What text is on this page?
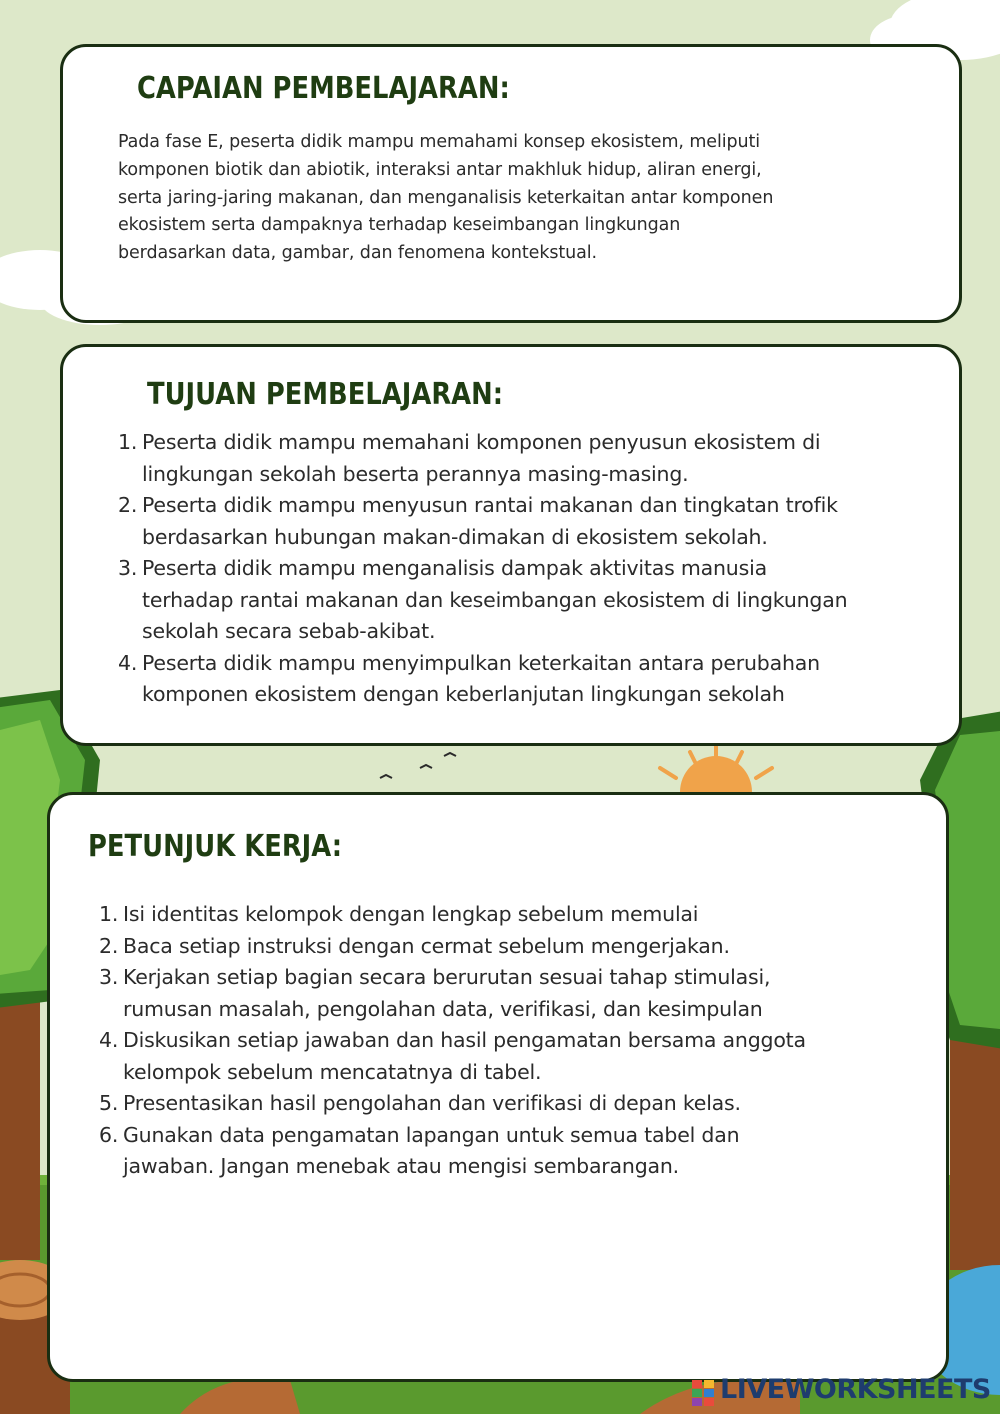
CAPAIAN PEMBELAJARAN:

Pada fase E, peserta didik mampu memahami konsep ekosistem, meliputi
komponen biotik dan abiotik, interaksi antar makhluk hidup, aliran energi,
serta jaring-jaring makanan, dan menganalisis keterkaitan antar komponen
ekosistem serta dampaknya terhadap keseimbangan lingkungan
berdasarkan data, gambar, dan fenomena kontekstual.

TUJUAN PEMBELAJARAN:
1. Peserta didik mampu memahani komponen penyusun ekosistem di
lingkungan sekolah beserta perannya masing-masing.
2. Peserta didik mampu menyusun rantai makanan dan tingkatan trofik
berdasarkan hubungan makan-dimakan di ekosistem sekolah.
3. Peserta didik mampu menganalisis dampak aktivitas manusia
terhadap rantai makanan dan keseimbangan ekosistem di lingkungan
sekolah secara sebab-akibat.
4. Peserta didik mampu menyimpulkan keterkaitan antara perubahan
komponen ekosistem dengan keberlanjutan lingkungan sekolah
PETUNJUK KERJA:
1. Isi identitas kelompok dengan lengkap sebelum memulai
2. Baca setiap instruksi dengan cermat sebelum mengerjakan.
3. Kerjakan setiap bagian secara berurutan sesuai tahap stimulasi,
rumusan masalah, pengolahan data, verifikasi, dan kesimpulan
4. Diskusikan setiap jawaban dan hasil pengamatan bersama anggota
kelompok sebelum mencatatnya di tabel.
5. Presentasikan hasil pengolahan dan verifikasi di depan kelas.
6. Gunakan data pengamatan lapangan untuk semua tabel dan
jawaban. Jangan menebak atau mengisi sembarangan.
LIVEWORKSHEETS
